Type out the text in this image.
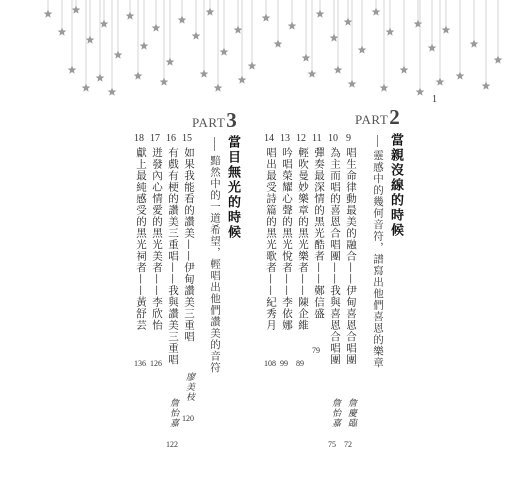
1
PART2
當親沒線的時候
靈感中的幾何音符，譜寫出他們喜恩的樂章
9
唱生命律動最美的融合——伊甸喜恩合唱團
詹慶臨
72
10
為主而唱的喜恩合唱團——我與喜恩合唱團
詹怡嘉
75
11
彈奏最深情的黑光酷者——鄭信盛
79
12
輕吹曼妙樂章的黑光樂者——陳企維
89
13
吟唱榮耀心聲的黑光悅者——李依娜
99
14
唱出最受詩篇的黑光歌者——紀秀月
108
PART3
當目無光的時候
黯然中的一道希望，輕唱出他們讚美的音符
15
如果我能看的讚美——伊甸讚美三重唱
廖美枝
120
16
有戲有梗的讚美三重唱——我與讚美三重唱
詹怡嘉
122
17
迸發內心情愛的黑光美者——李欣怡
126
18
獻上最純感受的黑光祠者——黃舒芸
136
